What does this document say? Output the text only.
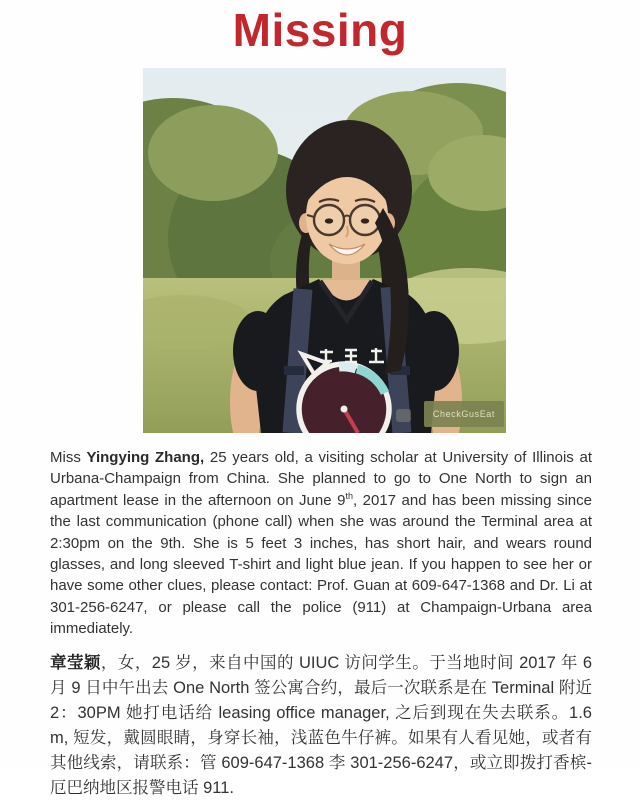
Missing
CheckGusEat

Miss Yingying Zhang, 25 years old, a visiting scholar at University of Illinois at Urbana-Champaign from China. She planned to go to One North to sign an apartment lease in the afternoon on June 9th, 2017 and has been missing since the last communication (phone call) when she was around the Terminal area at 2:30pm on the 9th. She is 5 feet 3 inches, has short hair, and wears round glasses, and long sleeved T-shirt and light blue jean. If you happen to see her or have some other clues, please contact: Prof. Guan at 609-647-1368 and Dr. Li at 301-256-6247, or please call the police (911) at Champaign-Urbana area immediately.

章莹颖，女，25 岁，来自中国的 UIUC 访问学生。于当地时间 2017 年 6 月 9 日中午出去 One North 签公寓合约，最后一次联系是在 Terminal 附近 2：30PM 她打电话给 leasing office manager, 之后到现在失去联系。1.6 m, 短发，戴圆眼睛，身穿长袖，浅蓝色牛仔裤。如果有人看见她，或者有其他线索，请联系：管 609-647-1368 李 301-256-6247，或立即拨打香槟-厄巴纳地区报警电话 911.
